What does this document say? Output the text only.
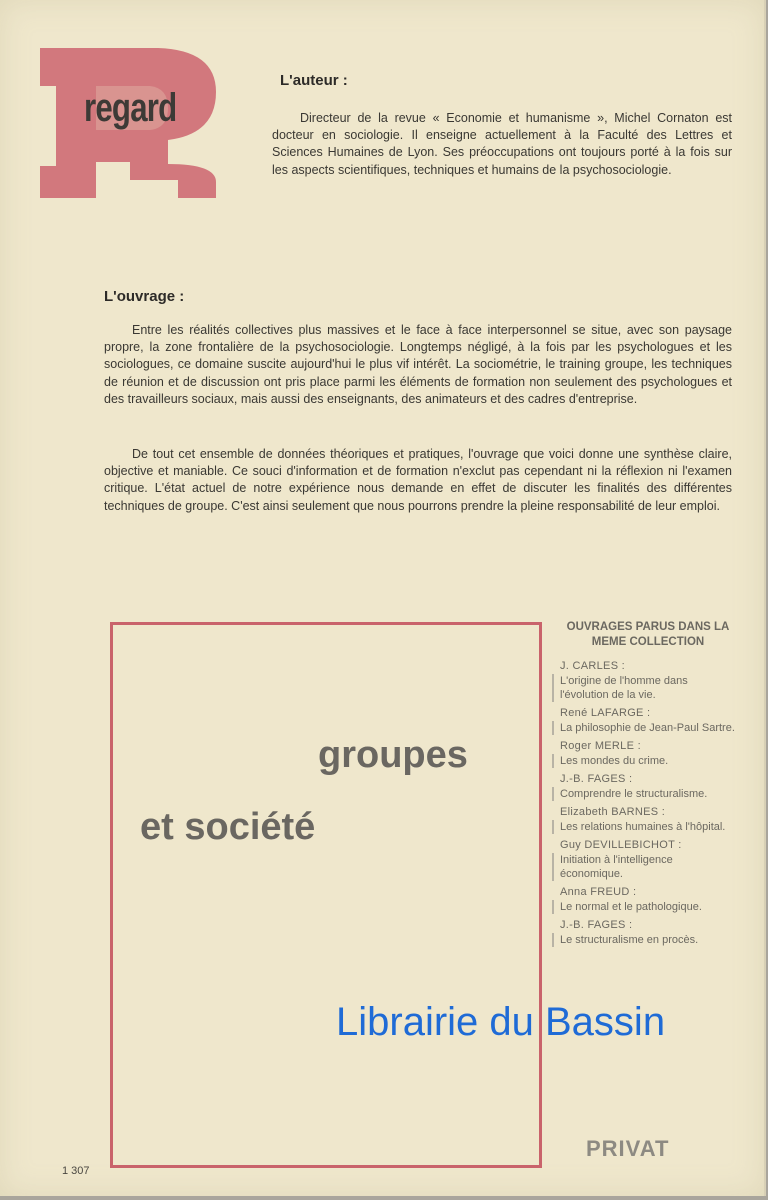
regard
L'auteur :

Directeur de la revue « Economie et humanisme », Michel Cornaton est docteur en sociologie. Il enseigne actuellement à la Faculté des Lettres et Sciences Humaines de Lyon. Ses préoccupations ont toujours porté à la fois sur les aspects scientifiques, techniques et humains de la psychosociologie.

L'ouvrage :

Entre les réalités collectives plus massives et le face à face interpersonnel se situe, avec son paysage propre, la zone frontalière de la psychosociologie. Longtemps négligé, à la fois par les psychologues et les sociologues, ce domaine suscite aujourd'hui le plus vif intérêt. La sociométrie, le training groupe, les techniques de réunion et de discussion ont pris place parmi les éléments de formation non seulement des psychologues et des travailleurs sociaux, mais aussi des enseignants, des animateurs et des cadres d'entreprise.

De tout cet ensemble de données théoriques et pratiques, l'ouvrage que voici donne une synthèse claire, objective et maniable. Ce souci d'information et de formation n'exclut pas cependant ni la réflexion ni l'examen critique. L'état actuel de notre expérience nous demande en effet de discuter les finalités des différentes techniques de groupe. C'est ainsi seulement que nous pourrons prendre la pleine responsabilité de leur emploi.

groupes
et société
OUVRAGES PARUS DANS LA MEME COLLECTION
J. CARLES :
L'origine de l'homme dans l'évolution de la vie.
René LAFARGE :
La philosophie de Jean-Paul Sartre.
Roger MERLE :
Les mondes du crime.
J.-B. FAGES :
Comprendre le structuralisme.
Elizabeth BARNES :
Les relations humaines à l'hôpital.
Guy DEVILLEBICHOT :
Initiation à l'intelligence économique.
Anna FREUD :
Le normal et le pathologique.
J.-B. FAGES :
Le structuralisme en procès.
Librairie du Bassin
1 307
PRIVAT
